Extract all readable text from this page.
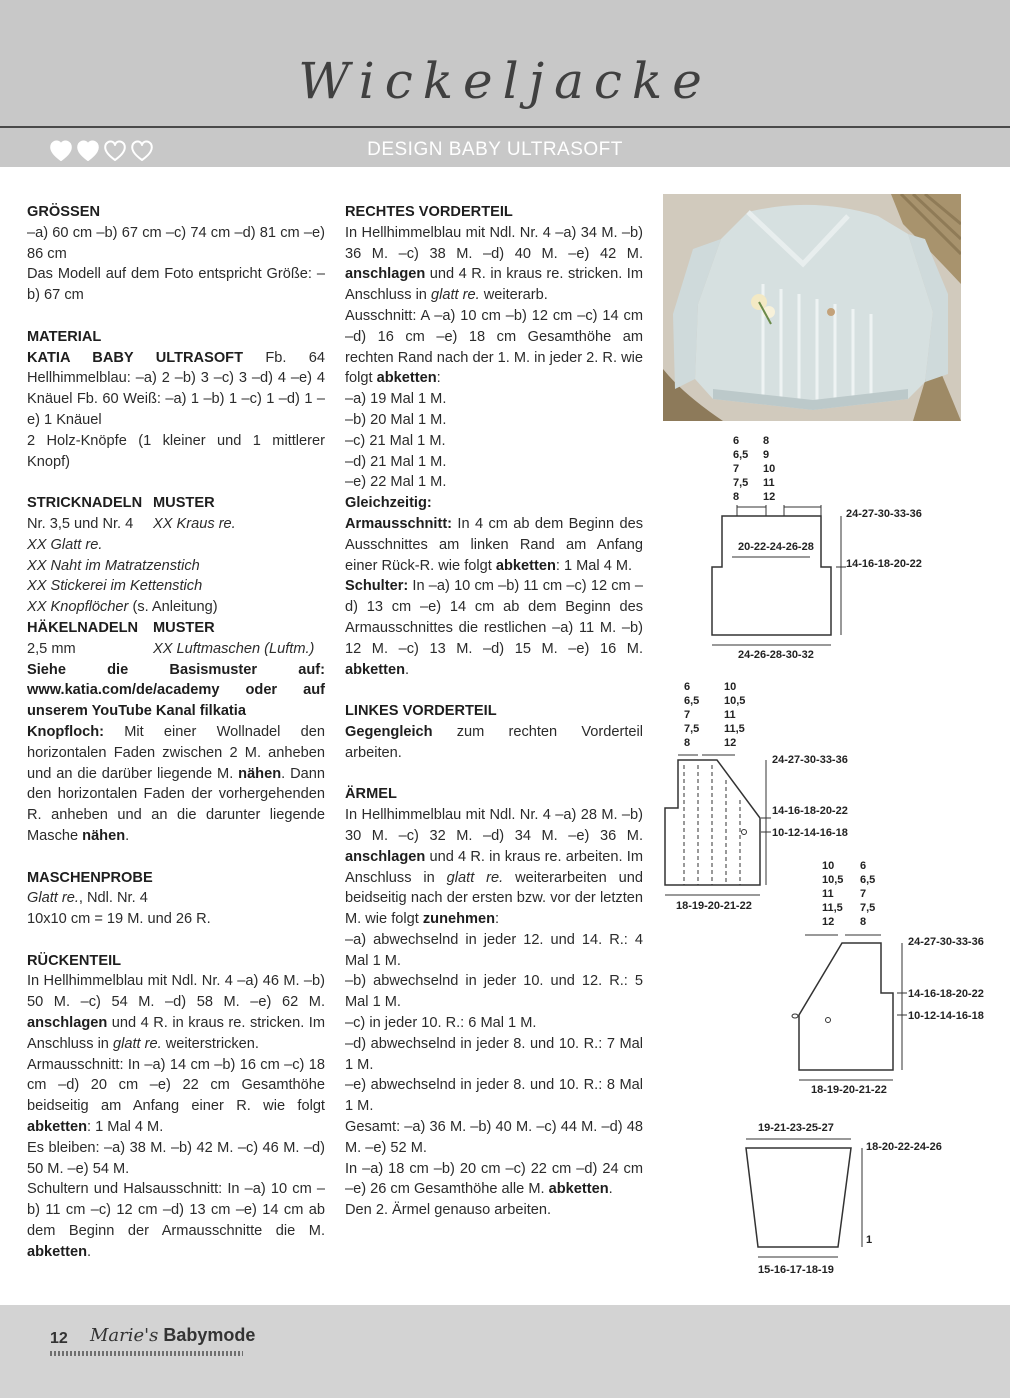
Wickeljacke
DESIGN BABY ULTRASOFT
GRÖSSEN

–a) 60 cm –b) 67 cm –c) 74 cm –d) 81 cm –e) 86 cm

Das Modell auf dem Foto entspricht Größe: –b) 67 cm

MATERIAL

KATIA BABY ULTRASOFT Fb. 64 Hellhimmelblau: –a) 2 –b) 3 –c) 3 –d) 4 –e) 4 Knäuel Fb. 60 Weiß: –a) 1 –b) 1 –c) 1 –d) 1 –e) 1 Knäuel

2 Holz-Knöpfe (1 kleiner und 1 mittlerer Knopf)

STRICKNADELN MUSTER
Nr. 3,5 und Nr. 4	XX Kraus re.

XX Glatt re.

XX Naht im Matratzenstich

XX Stickerei im Kettenstich

XX Knopflöcher (s. Anleitung)

HÄKELNADELN	MUSTER
2,5 mm	XX Luftmaschen (Luftm.)

Siehe die Basismuster auf: www.katia.com/de/academy oder auf unserem YouTube Kanal filkatia

Knopfloch: Mit einer Wollnadel den horizontalen Faden zwischen 2 M. anheben und an die darüber liegende M. nähen. Dann den horizontalen Faden der vorhergehenden R. anheben und an die darunter liegende Masche nähen.

MASCHENPROBE

Glatt re., Ndl. Nr. 4

10x10 cm = 19 M. und 26 R.

RÜCKENTEIL

In Hellhimmelblau mit Ndl. Nr. 4 –a) 46 M. –b) 50 M. –c) 54 M. –d) 58 M. –e) 62 M. anschlagen und 4 R. in kraus re. stricken. Im Anschluss in glatt re. weiterstricken.

Armausschnitt: In –a) 14 cm –b) 16 cm –c) 18 cm –d) 20 cm –e) 22 cm Gesamthöhe beidseitig am Anfang einer R. wie folgt abketten: 1 Mal 4 M.

Es bleiben: –a) 38 M. –b) 42 M. –c) 46 M. –d) 50 M. –e) 54 M.

Schultern und Halsausschnitt: In –a) 10 cm –b) 11 cm –c) 12 cm –d) 13 cm –e) 14 cm ab dem Beginn der Armausschnitte die M. abketten.

RECHTES VORDERTEIL

In Hellhimmelblau mit Ndl. Nr. 4 –a) 34 M. –b) 36 M. –c) 38 M. –d) 40 M. –e) 42 M. anschlagen und 4 R. in kraus re. stricken. Im Anschluss in glatt re. weiterarb.

Ausschnitt: A –a) 10 cm –b) 12 cm –c) 14 cm –d) 16 cm –e) 18 cm Gesamthöhe am rechten Rand nach der 1. M. in jeder 2. R. wie folgt abketten:

–a) 19 Mal 1 M.

–b) 20 Mal 1 M.

–c) 21 Mal 1 M.

–d) 21 Mal 1 M.

–e) 22 Mal 1 M.

Gleichzeitig:

Armausschnitt: In 4 cm ab dem Beginn des Ausschnittes am linken Rand am Anfang einer Rück-R. wie folgt abketten: 1 Mal 4 M.

Schulter: In –a) 10 cm –b) 11 cm –c) 12 cm –d) 13 cm –e) 14 cm ab dem Beginn des Armausschnittes die restlichen –a) 11 M. –b) 12 M. –c) 13 M. –d) 15 M. –e) 16 M. abketten.

LINKES VORDERTEIL

Gegengleich zum rechten Vorderteil arbeiten.

ÄRMEL

In Hellhimmelblau mit Ndl. Nr. 4 –a) 28 M. –b) 30 M. –c) 32 M. –d) 34 M. –e) 36 M. anschlagen und 4 R. in kraus re. arbeiten. Im Anschluss in glatt re. weiterarbeiten und beidseitig nach der ersten bzw. vor der letzten M. wie folgt zunehmen:

–a) abwechselnd in jeder 12. und 14. R.: 4 Mal 1 M.

–b) abwechselnd in jeder 10. und 12. R.: 5 Mal 1 M.

–c) in jeder 10. R.: 6 Mal 1 M.

–d) abwechselnd in jeder 8. und 10. R.: 7 Mal 1 M.

–e) abwechselnd in jeder 8. und 10. R.: 8 Mal 1 M.

Gesamt: –a) 36 M. –b) 40 M. –c) 44 M. –d) 48 M. –e) 52 M.

In –a) 18 cm –b) 20 cm –c) 22 cm –d) 24 cm –e) 26 cm Gesamthöhe alle M. abketten.

Den 2. Ärmel genauso arbeiten.

6
6,5
7
7,5
8
8
9
10
11
12
20-22-24-26-28
24-27-30-33-36
14-16-18-20-22
24-26-28-30-32
6
6,5
7
7,5
8
10
10,5
11
11,5
12
24-27-30-33-36
14-16-18-20-22
10-12-14-16-18
18-19-20-21-22
10
10,5
11
11,5
12
6
6,5
7
7,5
8
24-27-30-33-36
14-16-18-20-22
10-12-14-16-18
18-19-20-21-22
19-21-23-25-27
18-20-22-24-26
1
15-16-17-18-19
12 Marie's Babymode
